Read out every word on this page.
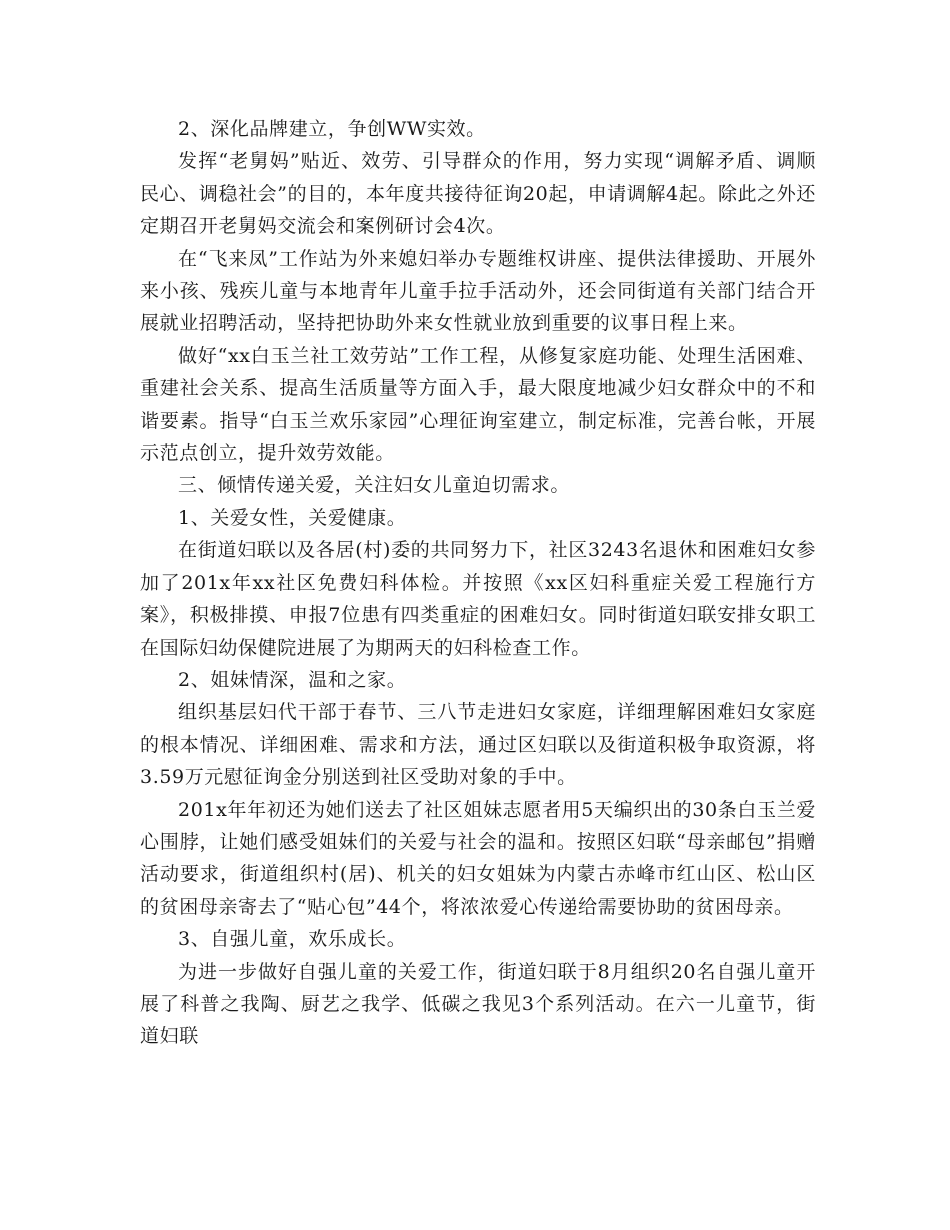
2、深化品牌建立，争创WW实效。

发挥“老舅妈”贴近、效劳、引导群众的作用，努力实现“调解矛盾、调顺民心、调稳社会”的目的，本年度共接待征询20起，申请调解4起。除此之外还定期召开老舅妈交流会和案例研讨会4次。

在“飞来凤”工作站为外来媳妇举办专题维权讲座、提供法律援助、开展外来小孩、残疾儿童与本地青年儿童手拉手活动外，还会同街道有关部门结合开展就业招聘活动，坚持把协助外来女性就业放到重要的议事日程上来。

做好“xx白玉兰社工效劳站”工作工程，从修复家庭功能、处理生活困难、重建社会关系、提高生活质量等方面入手，最大限度地减少妇女群众中的不和谐要素。指导“白玉兰欢乐家园”心理征询室建立，制定标准，完善台帐，开展示范点创立，提升效劳效能。

三、倾情传递关爱，关注妇女儿童迫切需求。

1、关爱女性，关爱健康。

在街道妇联以及各居(村)委的共同努力下，社区3243名退休和困难妇女参加了201x年xx社区免费妇科体检。并按照《xx区妇科重症关爱工程施行方案》，积极排摸、申报7位患有四类重症的困难妇女。同时街道妇联安排女职工在国际妇幼保健院进展了为期两天的妇科检查工作。

2、姐妹情深，温和之家。

组织基层妇代干部于春节、三八节走进妇女家庭，详细理解困难妇女家庭的根本情况、详细困难、需求和方法，通过区妇联以及街道积极争取资源，将3.59万元慰征询金分别送到社区受助对象的手中。

201x年年初还为她们送去了社区姐妹志愿者用5天编织出的30条白玉兰爱心围脖，让她们感受姐妹们的关爱与社会的温和。按照区妇联“母亲邮包”捐赠活动要求，街道组织村(居)、机关的妇女姐妹为内蒙古赤峰市红山区、松山区的贫困母亲寄去了“贴心包”44个，将浓浓爱心传递给需要协助的贫困母亲。

3、自强儿童，欢乐成长。

为进一步做好自强儿童的关爱工作，街道妇联于8月组织20名自强儿童开展了科普之我陶、厨艺之我学、低碳之我见3个系列活动。在六一儿童节，街道妇联
